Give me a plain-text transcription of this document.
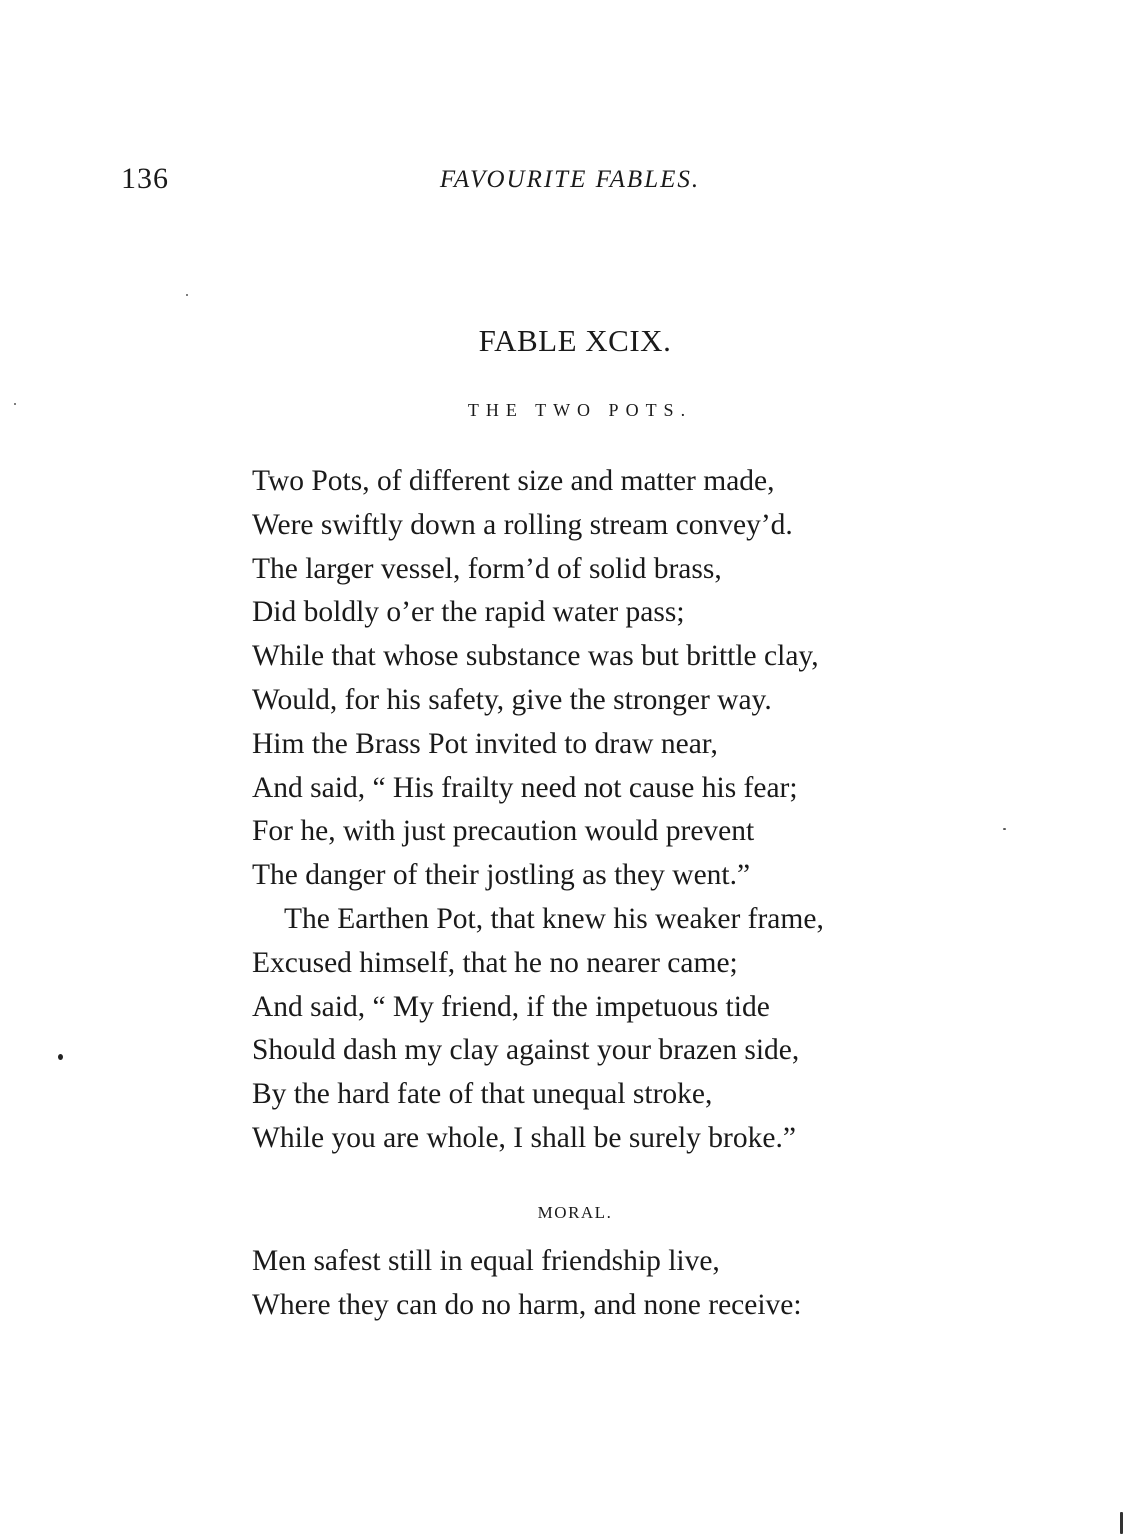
136	FAVOURITE FABLES.
FABLE XCIX.
THE TWO POTS.
Two Pots, of different size and matter made,
Were swiftly down a rolling stream convey’d.
The larger vessel, form’d of solid brass,
Did boldly o’er the rapid water pass;
While that whose substance was but brittle clay,
Would, for his safety, give the stronger way.
Him the Brass Pot invited to draw near,
And said, “ His frailty need not cause his fear;
For he, with just precaution would prevent
The danger of their jostling as they went.”
The Earthen Pot, that knew his weaker frame,
Excused himself, that he no nearer came;
And said, “ My friend, if the impetuous tide
Should dash my clay against your brazen side,
By the hard fate of that unequal stroke,
While you are whole, I shall be surely broke.”
MORAL.
Men safest still in equal friendship live,
Where they can do no harm, and none receive:
